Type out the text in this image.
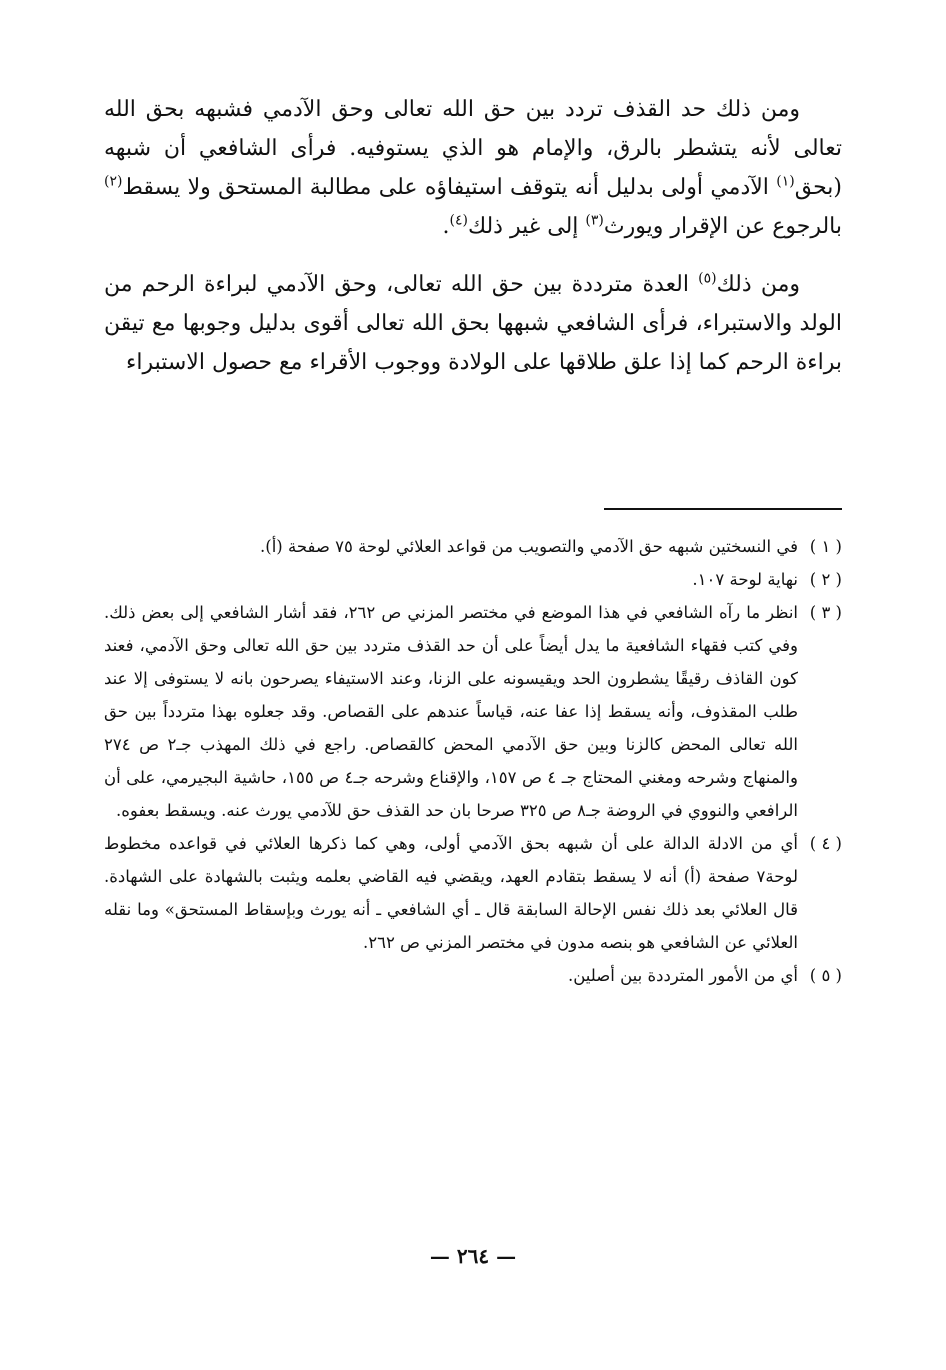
ومن ذلك حد القذف تردد بين حق الله تعالى وحق الآدمي فشبهه بحق الله تعالى لأنه يتشطر بالرق، والإمام هو الذي يستوفيه. فرأى الشافعي أن شبهه (بحق$^{(١)}$ الآدمي أولى بدليل أنه يتوقف استيفاؤه على مطالبة المستحق ولا يسقط$^{(٢)}$ بالرجوع عن الإقرار ويورث$^{(٣)}$ إلى غير ذلك$^{(٤)}$.

ومن ذلك$^{(٥)}$ العدة مترددة بين حق الله تعالى، وحق الآدمي لبراءة الرحم من الولد والاستبراء، فرأى الشافعي شبهها بحق الله تعالى أقوى بدليل وجوبها مع تيقن براءة الرحم كما إذا علق طلاقها على الولادة ووجوب الأقراء مع حصول الاستبراء

( ١ )
في النسختين شبهه حق الآدمي والتصويب من قواعد العلائي لوحة ٧٥ صفحة (أ).
( ٢ )
نهاية لوحة ١٠٧.
( ٣ )
انظر ما رآه الشافعي في هذا الموضع في مختصر المزني ص ٢٦٢، فقد أشار الشافعي إلى بعض ذلك. وفي كتب فقهاء الشافعية ما يدل أيضاً على أن حد القذف متردد بين حق الله تعالى وحق الآدمي، فعند كون القاذف رقيقًا يشطرون الحد ويقيسونه على الزنا، وعند الاستيفاء يصرحون بانه لا يستوفى إلا عند طلب المقذوف، وأنه يسقط إذا عفا عنه، قياساً عندهم على القصاص. وقد جعلوه بهذا متردداً بين حق الله تعالى المحض كالزنا وبين حق الآدمي المحض كالقصاص. راجع في ذلك المهذب جـ٢ ص ٢٧٤ والمنهاج وشرحه ومغني المحتاج جـ ٤ ص ١٥٧، والإقناع وشرحه جـ٤ ص ١٥٥، حاشية البجيرمي، على أن الرافعي والنووي في الروضة جـ٨ ص ٣٢٥ صرحا بان حد القذف حق للآدمي يورث عنه. ويسقط بعفوه.
( ٤ )
أي من الادلة الدالة على أن شبهه بحق الآدمي أولى، وهي كما ذكرها العلائي في قواعده مخطوط لوحة٧ صفحة (أ) أنه لا يسقط بتقادم العهد، ويقضي فيه القاضي بعلمه ويثبت بالشهادة على الشهادة. قال العلائي بعد ذلك نفس الإحالة السابقة قال ـ أي الشافعي ـ أنه يورث وبإسقاط المستحق» وما نقله العلائي عن الشافعي هو بنصه مدون في مختصر المزني ص ٢٦٢.
( ٥ )
أي من الأمور المترددة بين أصلين.
— ٢٦٤ —
